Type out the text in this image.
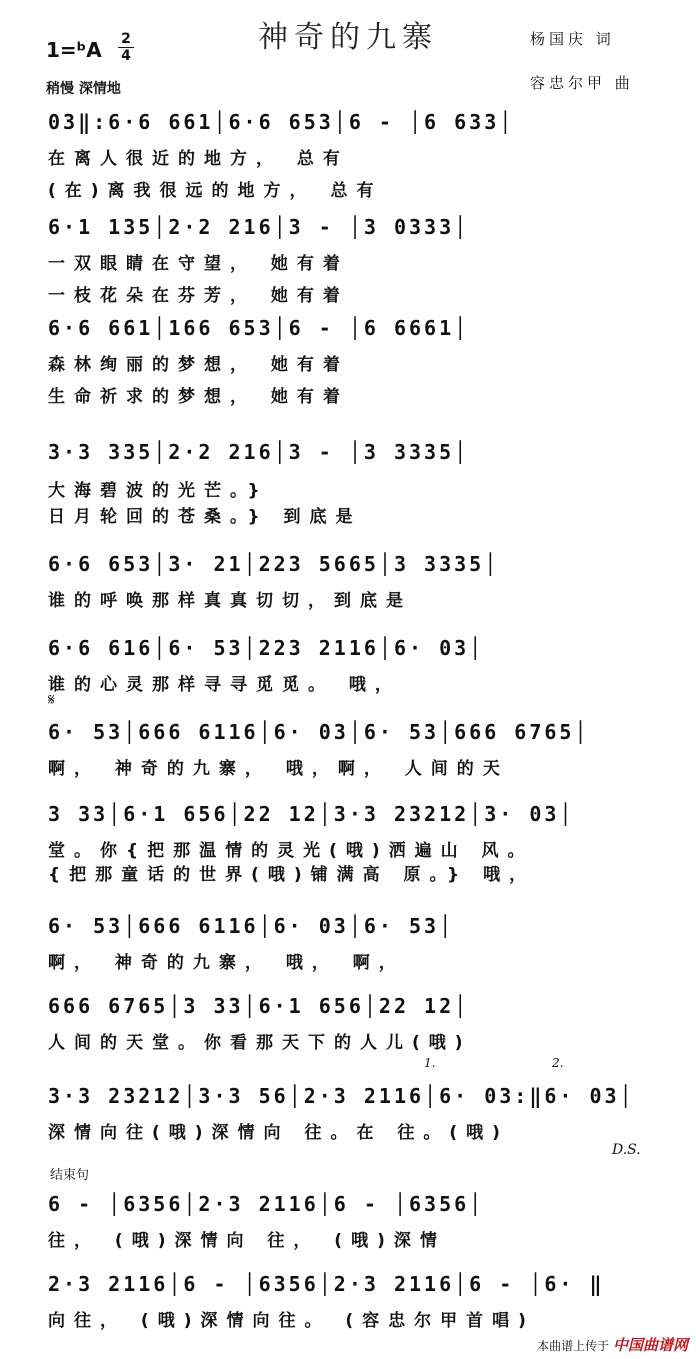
神奇的九寨
1=ᵇA 2
4
稍慢 深情地
杨国庆 词
容忠尔甲 曲
03‖:6·6 661│6·6 653│6 - │6 633│
在离人很近的地方， 总有
(在)离我很远的地方， 总有
6·1 135│2·2 216│3 - │3 0333│
一双眼睛在守望， 她有着
一枝花朵在芬芳， 她有着
6·6 661│166 653│6 - │6 6661│
森林绚丽的梦想， 她有着
生命祈求的梦想， 她有着
3·3 335│2·2 216│3 - │3 3335│
大海碧波的光芒。}
日月轮回的苍桑。} 到底是
6·6 653│3· 21│223 5665│3 3335│
谁的呼唤那样真真切切，到底是
6·6 616│6· 53│223 2116│6· 03│
谁的心灵那样寻寻觅觅。 哦，
𝄋
6· 53│666 6116│6· 03│6· 53│666 6765│
啊， 神奇的九寨， 哦，啊， 人间的天
3 33│6·1 656│22 12│3·3 23212│3· 03│
堂。你{把那温情的灵光(哦)洒遍山 风。
{把那童话的世界(哦)铺满高 原。} 哦，
6· 53│666 6116│6· 03│6· 53│
啊， 神奇的九寨， 哦， 啊，
666 6765│3 33│6·1 656│22 12│
人间的天堂。你看那天下的人儿(哦)
1.	2.
3·3 23212│3·3 56│2·3 2116│6· 03:‖6· 03│
深情向往(哦)深情向 往。在 往。(哦)
D.S.
结束句
6 - │6356│2·3 2116│6 - │6356│
往， (哦)深情向 往， (哦)深情
2·3 2116│6 - │6356│2·3 2116│6 - │6· ‖
向往， (哦)深情向往。 (容忠尔甲首唱)
本曲谱上传于 中国曲谱网
